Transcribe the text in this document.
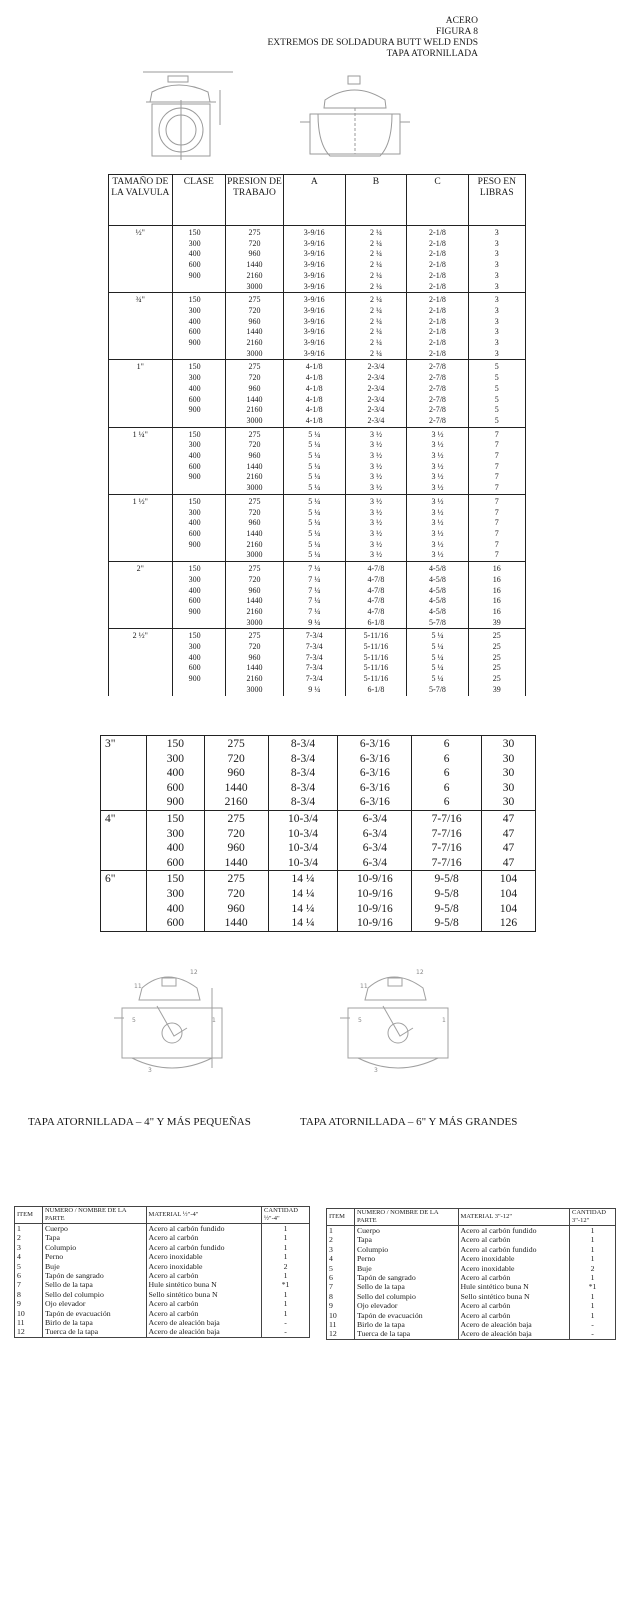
ACERO
FIGURA 8
EXTREMOS DE SOLDADURA BUTT WELD ENDS
TAPA ATORNILLADA
TAMAÑO DE LA VALVULA	CLASE	PRESION DE TRABAJO	A	B	C	PESO EN LIBRAS
½"	150	275	3-9/16	2 ¼	2-1/8	3
	300	720	3-9/16	2 ¼	2-1/8	3
	400	960	3-9/16	2 ¼	2-1/8	3
	600	1440	3-9/16	2 ¼	2-1/8	3
	900	2160	3-9/16	2 ¼	2-1/8	3
		3000	3-9/16	2 ¼	2-1/8	3
¾"	150	275	3-9/16	2 ¼	2-1/8	3
	300	720	3-9/16	2 ¼	2-1/8	3
	400	960	3-9/16	2 ¼	2-1/8	3
	600	1440	3-9/16	2 ¼	2-1/8	3
	900	2160	3-9/16	2 ¼	2-1/8	3
		3000	3-9/16	2 ¼	2-1/8	3
1"	150	275	4-1/8	2-3/4	2-7/8	5
	300	720	4-1/8	2-3/4	2-7/8	5
	400	960	4-1/8	2-3/4	2-7/8	5
	600	1440	4-1/8	2-3/4	2-7/8	5
	900	2160	4-1/8	2-3/4	2-7/8	5
		3000	4-1/8	2-3/4	2-7/8	5
1 ¼"	150	275	5 ¼	3 ½	3 ½	7
	300	720	5 ¼	3 ½	3 ½	7
	400	960	5 ¼	3 ½	3 ½	7
	600	1440	5 ¼	3 ½	3 ½	7
	900	2160	5 ¼	3 ½	3 ½	7
		3000	5 ¼	3 ½	3 ½	7
1 ½"	150	275	5 ¼	3 ½	3 ½	7
	300	720	5 ¼	3 ½	3 ½	7
	400	960	5 ¼	3 ½	3 ½	7
	600	1440	5 ¼	3 ½	3 ½	7
	900	2160	5 ¼	3 ½	3 ½	7
		3000	5 ¼	3 ½	3 ½	7
2"	150	275	7 ¼	4-7/8	4-5/8	16
	300	720	7 ¼	4-7/8	4-5/8	16
	400	960	7 ¼	4-7/8	4-5/8	16
	600	1440	7 ¼	4-7/8	4-5/8	16
	900	2160	7 ¼	4-7/8	4-5/8	16
		3000	9 ¼	6-1/8	5-7/8	39
2 ½"	150	275	7-3/4	5-11/16	5 ¼	25
	300	720	7-3/4	5-11/16	5 ¼	25
	400	960	7-3/4	5-11/16	5 ¼	25
	600	1440	7-3/4	5-11/16	5 ¼	25
	900	2160	7-3/4	5-11/16	5 ¼	25
		3000	9 ¼	6-1/8	5-7/8	39
3"	150	275	8-3/4	6-3/16	6	30
	300	720	8-3/4	6-3/16	6	30
	400	960	8-3/4	6-3/16	6	30
	600	1440	8-3/4	6-3/16	6	30
	900	2160	8-3/4	6-3/16	6	30
4"	150	275	10-3/4	6-3/4	7-7/16	47
	300	720	10-3/4	6-3/4	7-7/16	47
	400	960	10-3/4	6-3/4	7-7/16	47
	600	1440	10-3/4	6-3/4	7-7/16	47
6"	150	275	14 ¼	10-9/16	9-5/8	104
	300	720	14 ¼	10-9/16	9-5/8	104
	400	960	14 ¼	10-9/16	9-5/8	104
	600	1440	14 ¼	10-9/16	9-5/8	126
11
12
5	1
3
11
12
5	1
3
TAPA ATORNILLADA – 4" Y MÁS PEQUEÑAS	TAPA ATORNILLADA – 6" Y MÁS GRANDES
ITEM	NUMERO / NOMBRE DE LA PARTE	MATERIAL ½"-4"	CANTIDAD ½"-4"
1	Cuerpo	Acero al carbón fundido	1
2	Tapa	Acero al carbón	1
3	Columpio	Acero al carbón fundido	1
4	Perno	Acero inoxidable	1
5	Buje	Acero inoxidable	2
6	Tapón de sangrado	Acero al carbón	1
7	Sello de la tapa	Hule sintético buna N	*1
8	Sello del columpio	Sello sintético buna N	1
9	Ojo elevador	Acero al carbón	1
10	Tapón de evacuación	Acero al carbón	1
11	Birlo de la tapa	Acero de aleación baja	-
12	Tuerca de la tapa	Acero de aleación baja	-
ITEM	NUMERO / NOMBRE DE LA PARTE	MATERIAL 3"-12"	CANTIDAD 3"-12"
1	Cuerpo	Acero al carbón fundido	1
2	Tapa	Acero al carbón	1
3	Columpio	Acero al carbón fundido	1
4	Perno	Acero inoxidable	1
5	Buje	Acero inoxidable	2
6	Tapón de sangrado	Acero al carbón	1
7	Sello de la tapa	Hule sintético buna N	*1
8	Sello del columpio	Sello sintético buna N	1
9	Ojo elevador	Acero al carbón	1
10	Tapón de evacuación	Acero al carbón	1
11	Birlo de la tapa	Acero de aleación baja	-
12	Tuerca de la tapa	Acero de aleación baja	-
